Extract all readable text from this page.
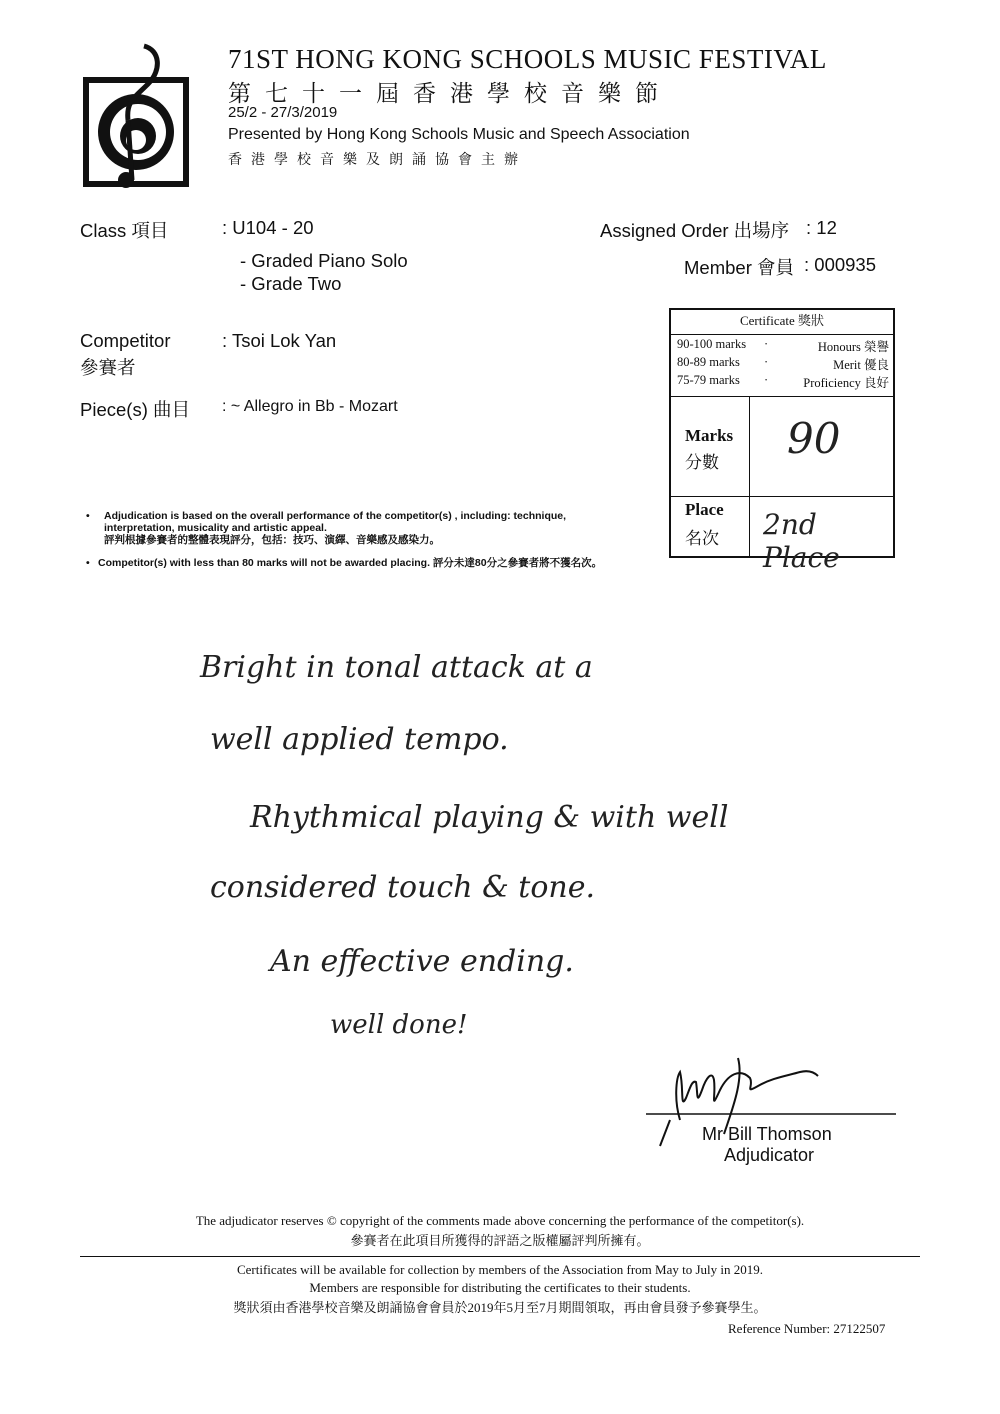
71ST HONG KONG SCHOOLS MUSIC FESTIVAL
第七十一屆香港學校音樂節
25/2 - 27/3/2019
Presented by Hong Kong Schools Music and Speech Association
香港學校音樂及朗誦協會主辦
Class 項目	: U104 - 20
- Graded Piano Solo
- Grade Two
Assigned Order 出場序 : 12
Member 會員 : 000935
Competitor
參賽者
: Tsoi Lok Yan
Piece(s) 曲目 : ~ Allegro in Bb - Mozart
•	Adjudication is based on the overall performance of the competitor(s) , including: technique, interpretation, musicality and artistic appeal.
評判根據參賽者的整體表現評分，包括：技巧、演繹、音樂感及感染力。
• Competitor(s) with less than 80 marks will not be awarded placing. 評分未達80分之參賽者將不獲名次。
Certificate 獎狀
90-100 marks ·	Honours 榮譽
80-89 marks ·	Merit 優良
75-79 marks ·	Proficiency 良好
Marks
分數 90
Place
名次 2nd Place
Bright in tonal attack at a
well applied tempo.
Rhythmical playing & with well
considered touch & tone.
An effective ending.
well done!
Mr Bill Thomson
Adjudicator
The adjudicator reserves © copyright of the comments made above concerning the performance of the competitor(s).
參賽者在此項目所獲得的評語之版權屬評判所擁有。
Certificates will be available for collection by members of the Association from May to July in 2019.
Members are responsible for distributing the certificates to their students.
獎狀須由香港學校音樂及朗誦協會會員於2019年5月至7月期間領取，再由會員發予參賽學生。
Reference Number: 27122507
